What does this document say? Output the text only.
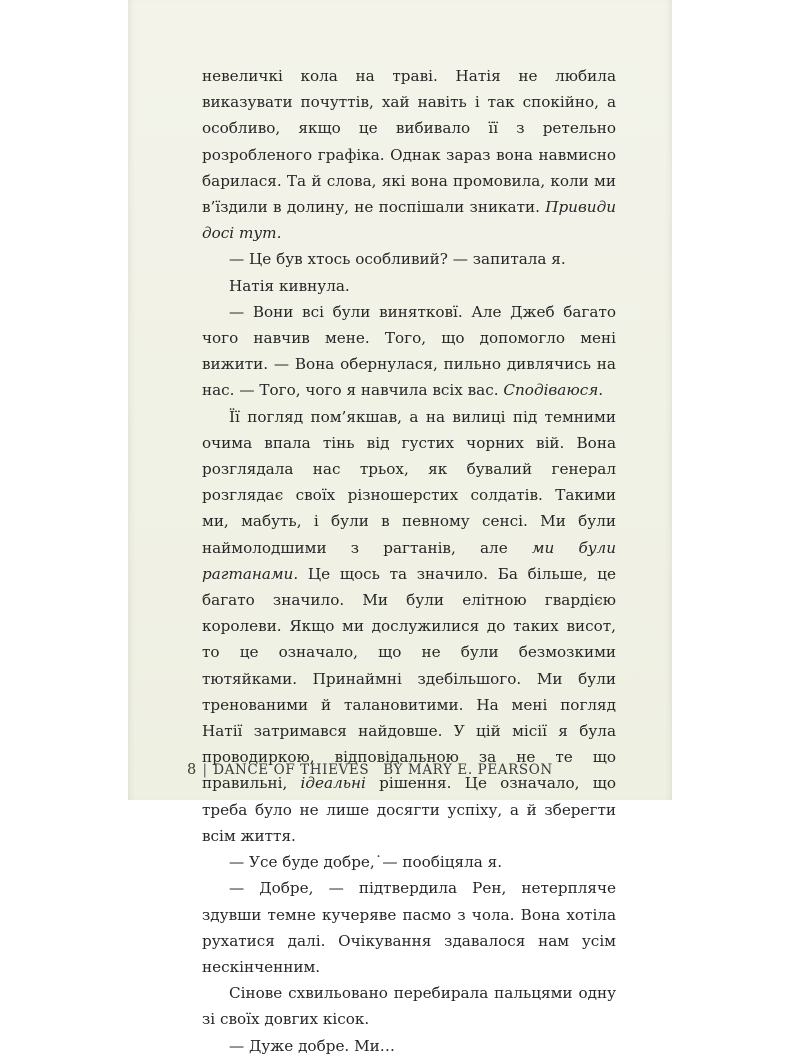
невеличкі кола на траві. Натія не любила виказувати почуттів, хай навіть і так спокійно, а особливо, якщо це вибивало її з ретельно розробленого графіка. Однак зараз вона навмисно барилася. Та й слова, які вона промовила, коли ми в’їздили в долину, не поспішали зникати. Привиди досі тут.

— Це був хтось особливий? — запитала я.

Натія кивнула.

— Вони всі були винятковї. Але Джеб багато чого навчив мене. Того, що допомогло мені вижити. — Вона обернулася, пильно дивлячись на нас. — Того, чого я навчила всіх вас. Сподіваюся.

Її погляд пом’якшав, а на вилиці під темними очима впала тінь від густих чорних вій. Вона розглядала нас трьох, як бувалий генерал розглядає своїх різношерстих солдатів. Такими ми, мабуть, і були в певному сенсі. Ми були наймолодшими з рагтанів, але ми були рагтанами. Це щось та значило. Ба більше, це багато значило. Ми були елітною гвардією королеви. Якщо ми дослужилися до таких висот, то це означало, що не були безмозкими тютяйками. Принаймні здебільшого. Ми були тренованими й талановитими. На мені погляд Натії затримався найдовше. У цій місії я була проводиркою, відповідальною за не те що правильні, ідеальні рішення. Це означало, що треба було не лише досягти успіху, а й зберегти всім життя.

— Усе буде добре,˙— пообіцяла я.

— Добре, — підтвердила Рен, нетерпляче здувши темне кучеряве пасмо з чола. Вона хотіла рухатися далі. Очікування здавалося нам усім нескінченним.

Сінове схвильовано перебирала пальцями одну зі своїх довгих кісок.

— Дуже добре. Ми…

8 | DANCE OF THIEVES BY MARY E. PEARSON
